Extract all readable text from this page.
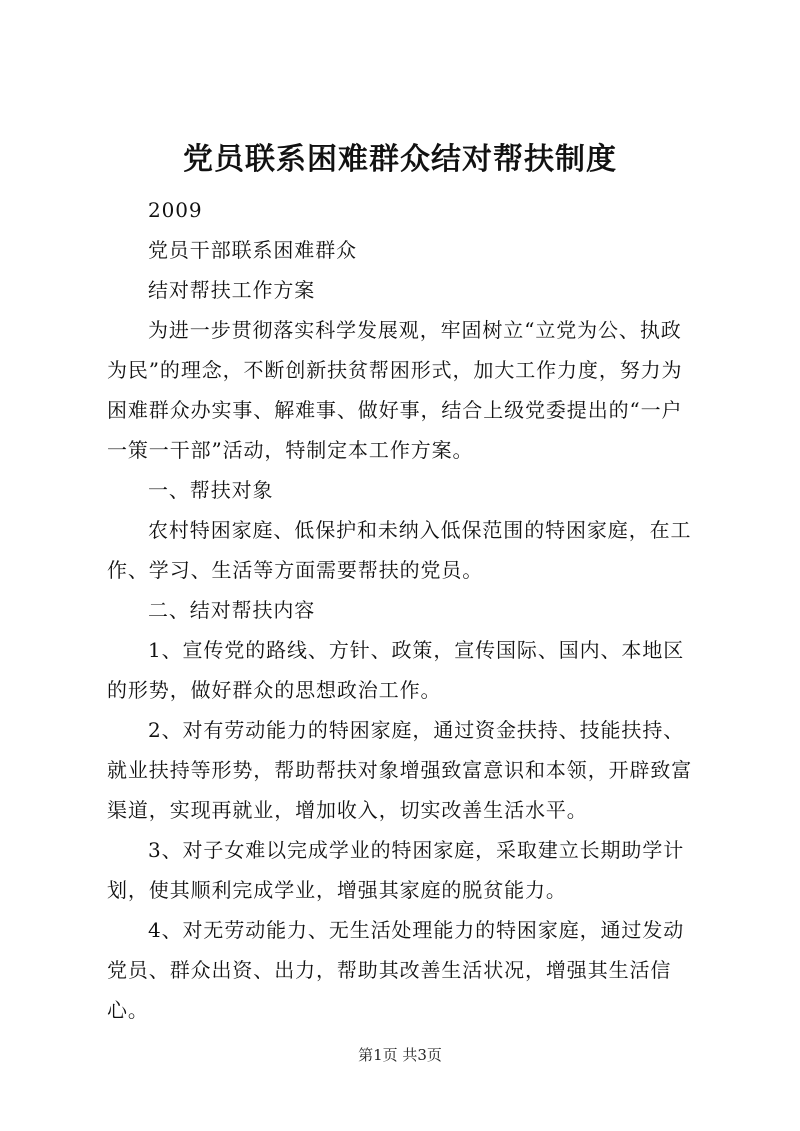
党员联系困难群众结对帮扶制度

2009

党员干部联系困难群众

结对帮扶工作方案

为进一步贯彻落实科学发展观，牢固树立“立党为公、执政为民”的理念，不断创新扶贫帮困形式，加大工作力度，努力为困难群众办实事、解难事、做好事，结合上级党委提出的“一户一策一干部”活动，特制定本工作方案。

一、帮扶对象

农村特困家庭、低保护和未纳入低保范围的特困家庭，在工作、学习、生活等方面需要帮扶的党员。

二、结对帮扶内容

1、宣传党的路线、方针、政策，宣传国际、国内、本地区的形势，做好群众的思想政治工作。

2、对有劳动能力的特困家庭，通过资金扶持、技能扶持、就业扶持等形势，帮助帮扶对象增强致富意识和本领，开辟致富渠道，实现再就业，增加收入，切实改善生活水平。

3、对子女难以完成学业的特困家庭，采取建立长期助学计划，使其顺利完成学业，增强其家庭的脱贫能力。

4、对无劳动能力、无生活处理能力的特困家庭，通过发动党员、群众出资、出力，帮助其改善生活状况，增强其生活信心。

第1页 共3页
